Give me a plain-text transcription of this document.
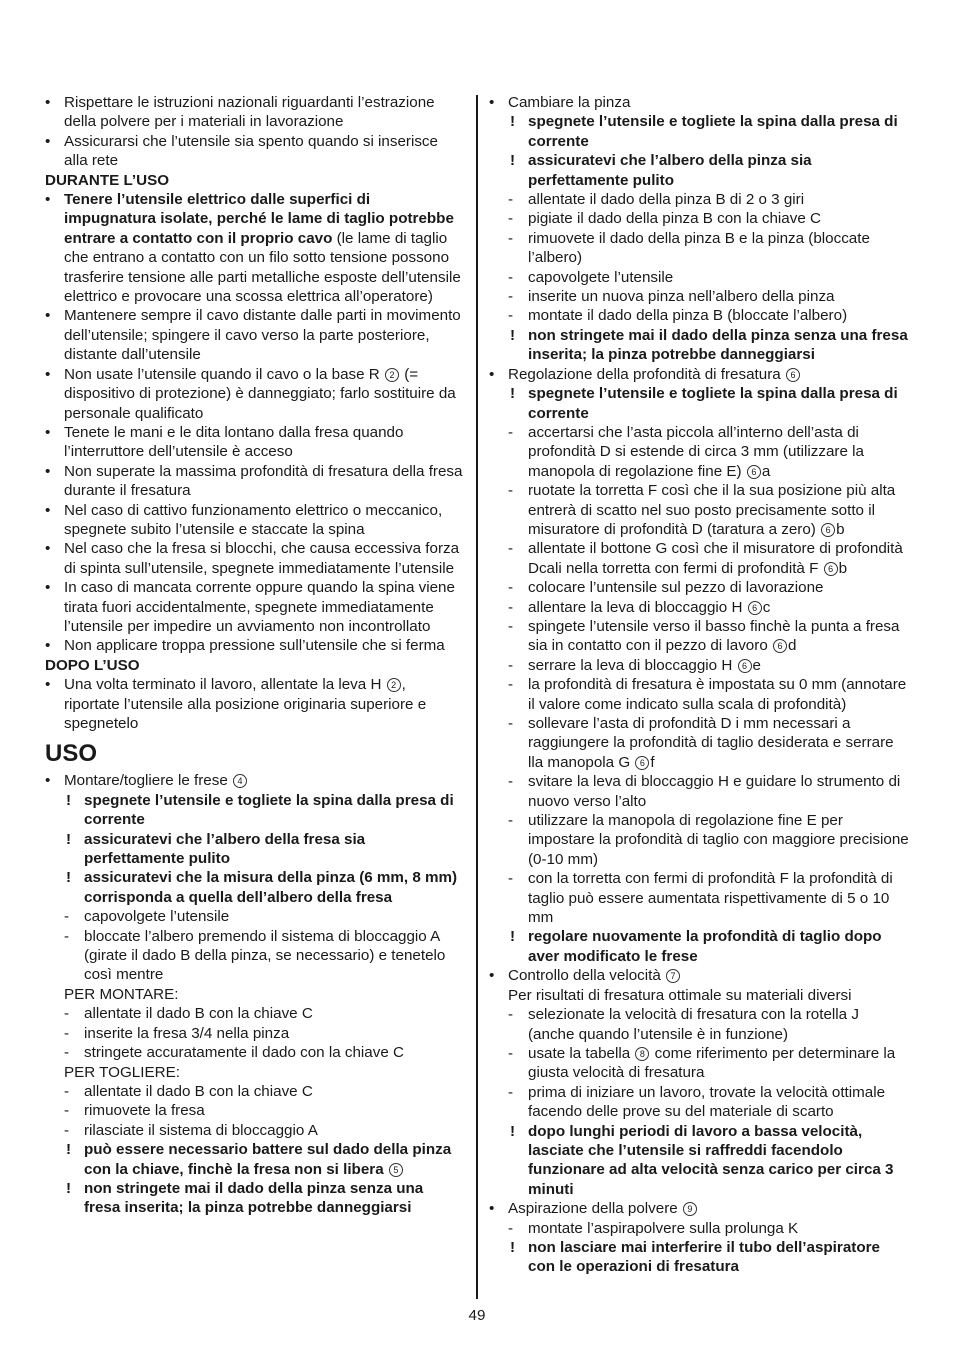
• Rispettare le istruzioni nazionali riguardanti l’estrazione della polvere per i materiali in lavorazione
• Assicurarsi che l’utensile sia spento quando si inserisce alla rete
DURANTE L’USO
• Tenere l’utensile elettrico dalle superfici di impugnatura isolate, perché le lame di taglio potrebbe entrare a contatto con il proprio cavo (le lame di taglio che entrano a contatto con un filo sotto tensione possono trasferire tensione alle parti metalliche esposte dell’utensile elettrico e provocare una scossa elettrica all’operatore)
• Mantenere sempre il cavo distante dalle parti in movimento dell’utensile; spingere il cavo verso la parte posteriore, distante dall’utensile
• Non usate l’utensile quando il cavo o la base R 2 (= dispositivo di protezione) è danneggiato; farlo sostituire da personale qualificato
• Tenete le mani e le dita lontano dalla fresa quando l’interruttore dell’utensile è acceso
• Non superate la massima profondità di fresatura della fresa durante il fresatura
• Nel caso di cattivo funzionamento elettrico o meccanico, spegnete subito l’utensile e staccate la spina
• Nel caso che la fresa si blocchi, che causa eccessiva forza di spinta sull’utensile, spegnete immediatamente l’utensile
• In caso di mancata corrente oppure quando la spina viene tirata fuori accidentalmente, spegnete immediatamente l’utensile per impedire un avviamento non incontrollato
• Non applicare troppa pressione sull’utensile che si ferma
DOPO L’USO
• Una volta terminato il lavoro, allentate la leva H 2 , riportate l’utensile alla posizione originaria superiore e spegnetelo
USO
• Montare/togliere le frese 4
! spegnete l’utensile e togliete la spina dalla presa di corrente
! assicuratevi che l’albero della fresa sia perfettamente pulito
! assicuratevi che la misura della pinza (6 mm, 8 mm) corrisponda a quella dell’albero della fresa
- capovolgete l’utensile
- bloccate l’albero premendo il sistema di bloccaggio A (girate il dado B della pinza, se necessario) e tenetelo così mentre
PER MONTARE:
- allentate il dado B con la chiave C
- inserite la fresa 3/4 nella pinza
- stringete accuratamente il dado con la chiave C
PER TOGLIERE:
- allentate il dado B con la chiave C
- rimuovete la fresa
- rilasciate il sistema di bloccaggio A
! può essere necessario battere sul dado della pinza con la chiave, finchè la fresa non si libera 5
! non stringete mai il dado della pinza senza una fresa inserita; la pinza potrebbe danneggiarsi
• Cambiare la pinza
! spegnete l’utensile e togliete la spina dalla presa di corrente
! assicuratevi che l’albero della pinza sia perfettamente pulito
- allentate il dado della pinza B di 2 o 3 giri
- pigiate il dado della pinza B con la chiave C
- rimuovete il dado della pinza B e la pinza (bloccate l’albero)
- capovolgete l’utensile
- inserite un nuova pinza nell’albero della pinza
- montate il dado della pinza B (bloccate l’albero)
! non stringete mai il dado della pinza senza una fresa inserita; la pinza potrebbe danneggiarsi
• Regolazione della profondità di fresatura 6
! spegnete l’utensile e togliete la spina dalla presa di corrente
- accertarsi che l’asta piccola all’interno dell’asta di profondità D si estende di circa 3 mm (utilizzare la manopola di regolazione fine E) 6 a
- ruotate la torretta F così che il la sua posizione più alta entrerà di scatto nel suo posto precisamente sotto il misuratore di profondità D (taratura a zero) 6 b
- allentate il bottone G così che il misuratore di profondità Dcali nella torretta con fermi di profondità F 6 b
- colocare l’untensile sul pezzo di lavorazione
- allentare la leva di bloccaggio H 6 c
- spingete l’utensile verso il basso finchè la punta a fresa sia in contatto con il pezzo di lavoro 6 d
- serrare la leva di bloccaggio H 6 e
- la profondità di fresatura è impostata su 0 mm (annotare il valore come indicato sulla scala di profondità)
- sollevare l’asta di profondità D i mm necessari a raggiungere la profondità di taglio desiderata e serrare lla manopola G 6 f
- svitare la leva di bloccaggio H e guidare lo strumento di nuovo verso l’alto
- utilizzare la manopola di regolazione fine E per impostare la profondità di taglio con maggiore precisione (0-10 mm)
- con la torretta con fermi di profondità F la profondità di taglio può essere aumentata rispettivamente di 5 o 10 mm
! regolare nuovamente la profondità di taglio dopo aver modificato le frese
• Controllo della velocità 7
Per risultati di fresatura ottimale su materiali diversi
- selezionate la velocità di fresatura con la rotella J (anche quando l’utensile è in funzione)
- usate la tabella 8 come riferimento per determinare la giusta velocità di fresatura
- prima di iniziare un lavoro, trovate la velocità ottimale facendo delle prove su del materiale di scarto
! dopo lunghi periodi di lavoro a bassa velocità, lasciate che l’utensile si raffreddi facendolo funzionare ad alta velocità senza carico per circa 3 minuti
• Aspirazione della polvere 9
- montate l’aspirapolvere sulla prolunga K
! non lasciare mai interferire il tubo dell’aspiratore con le operazioni di fresatura
49
